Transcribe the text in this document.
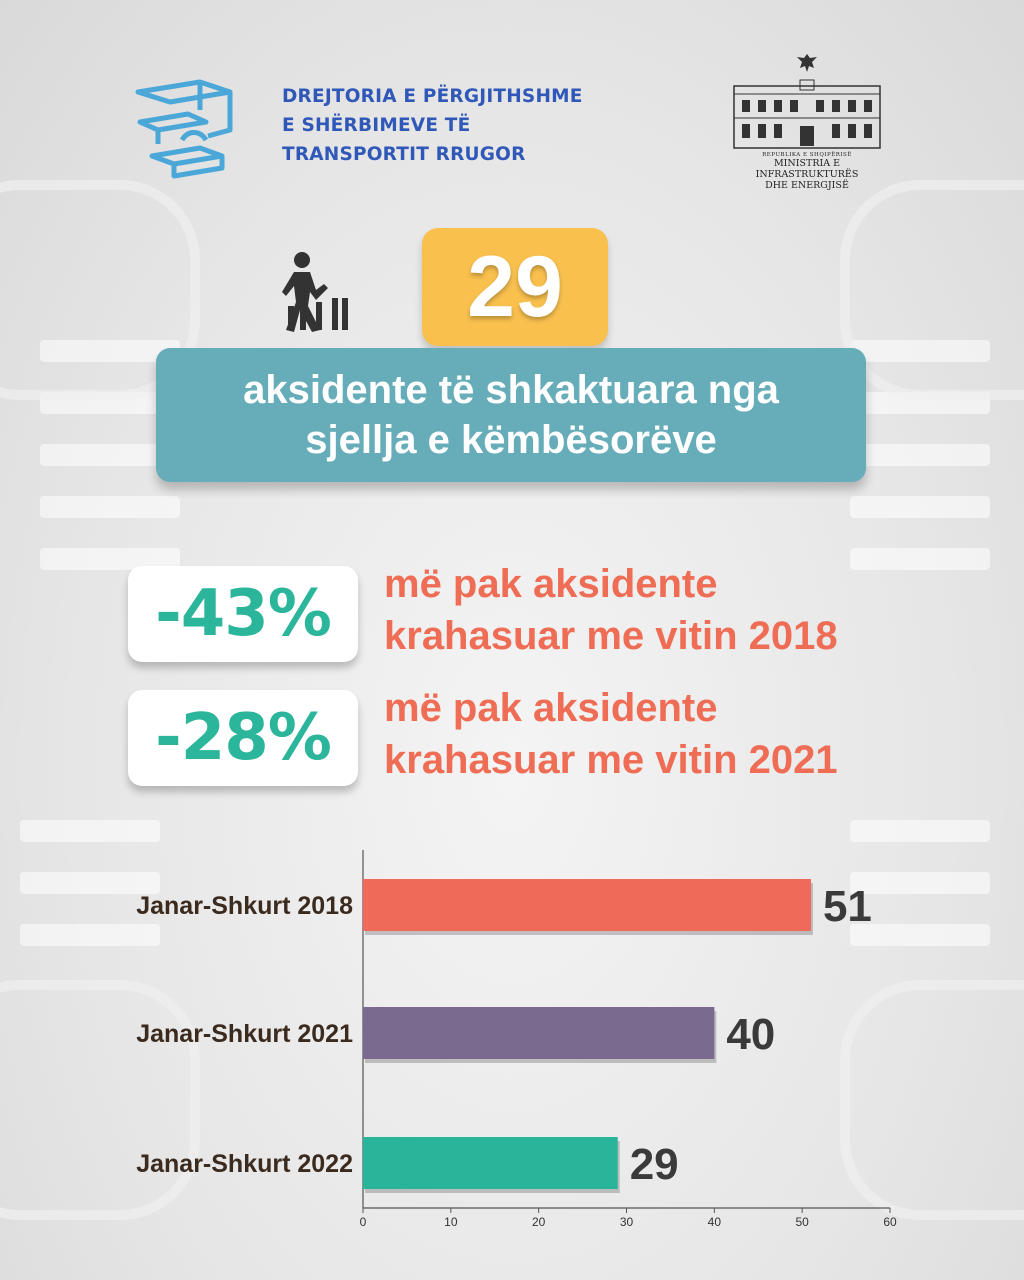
DREJTORIA E PËRGJITHSHME
E SHËRBIMEVE TË
TRANSPORTIT RRUGOR	REPUBLIKA E SHQIPËRISË
MINISTRIA E INFRASTRUKTURËS
DHE ENERGJISË
29
aksidente të shkaktuara nga
sjellja e këmbësorëve
-43% më pak aksidente
krahasuar me vitin 2018
-28% më pak aksidente
krahasuar me vitin 2021
0	10	20	30	40	50	60
Janar-Shkurt 2018	51
Janar-Shkurt 2021	40
Janar-Shkurt 2022	29
